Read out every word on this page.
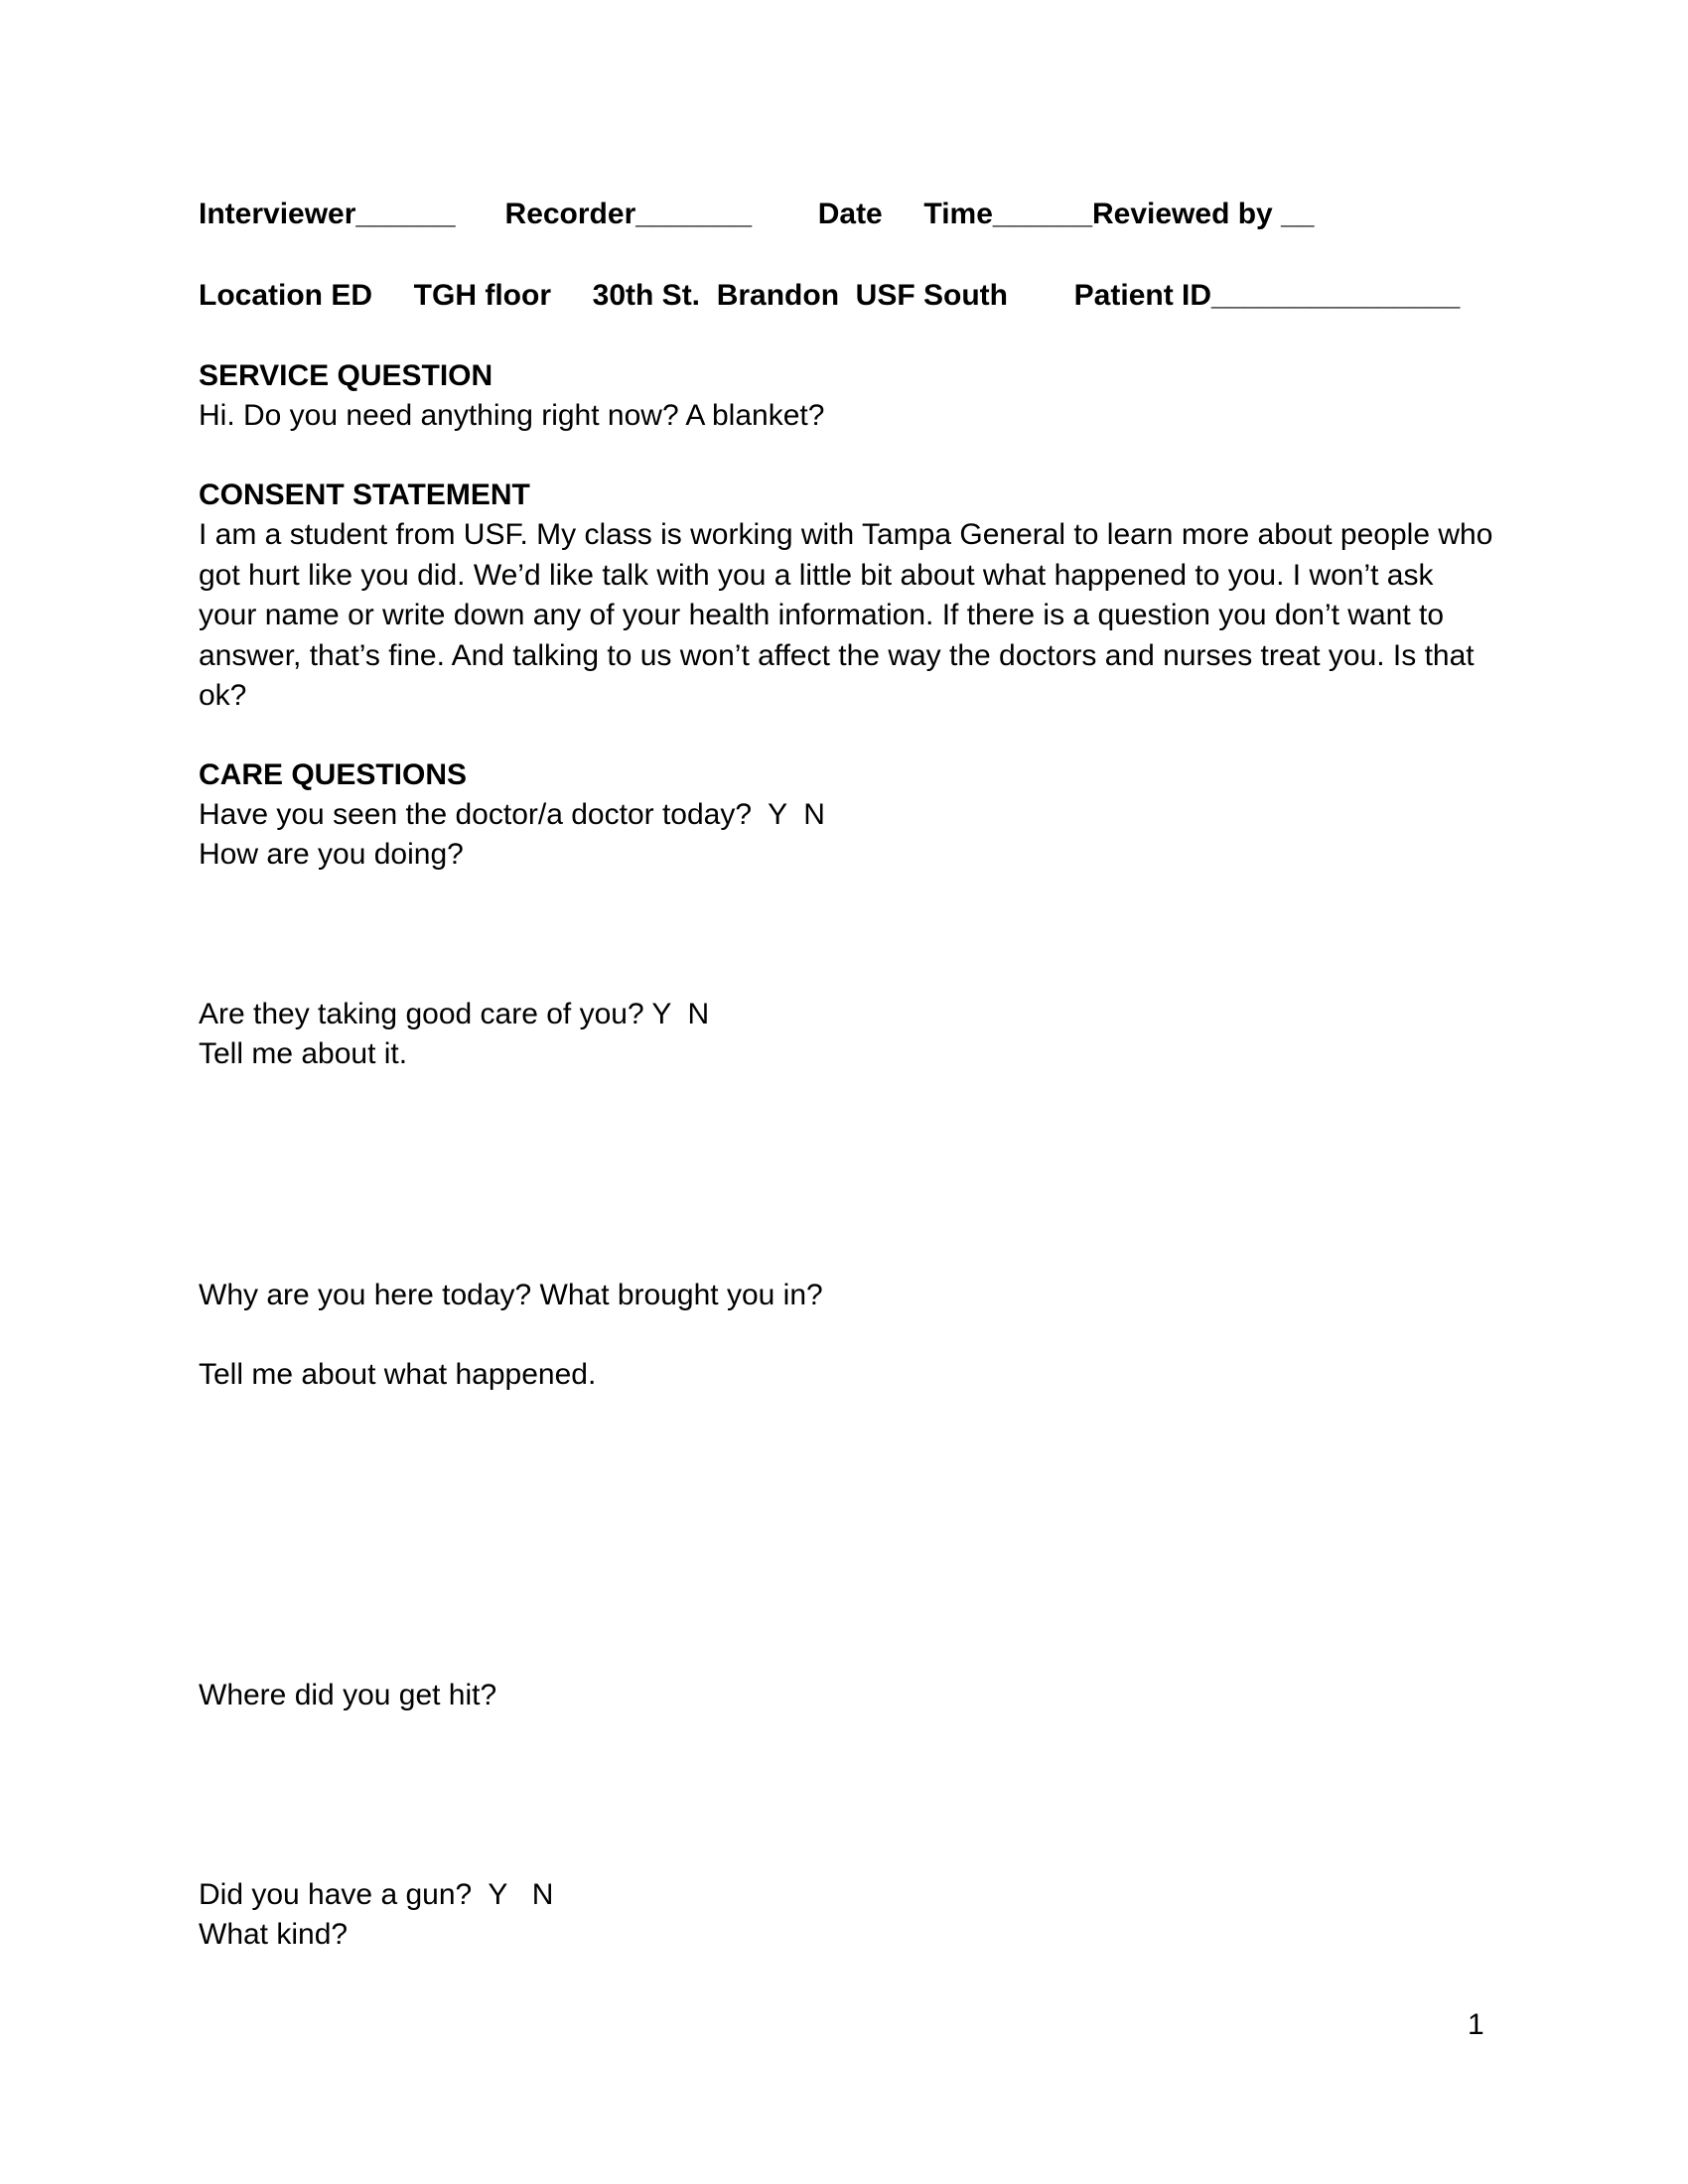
Interviewer______      Recorder_______        Date     Time______Reviewed by __

Location ED     TGH floor     30th St.  Brandon  USF South        Patient ID_______________

SERVICE QUESTION

Hi. Do you need anything right now? A blanket?

CONSENT STATEMENT

I am a student from USF. My class is working with Tampa General to learn more about people who got hurt like you did. We’d like talk with you a little bit about what happened to you. I won’t ask your name or write down any of your health information. If there is a question you don’t want to answer, that’s fine. And talking to us won’t affect the way the doctors and nurses treat you. Is that ok?

CARE QUESTIONS

Have you seen the doctor/a doctor today?  Y  N

How are you doing?

Are they taking good care of you? Y  N

Tell me about it.

Why are you here today? What brought you in?

Tell me about what happened.

Where did you get hit?

Did you have a gun?  Y   N

What kind?

1
